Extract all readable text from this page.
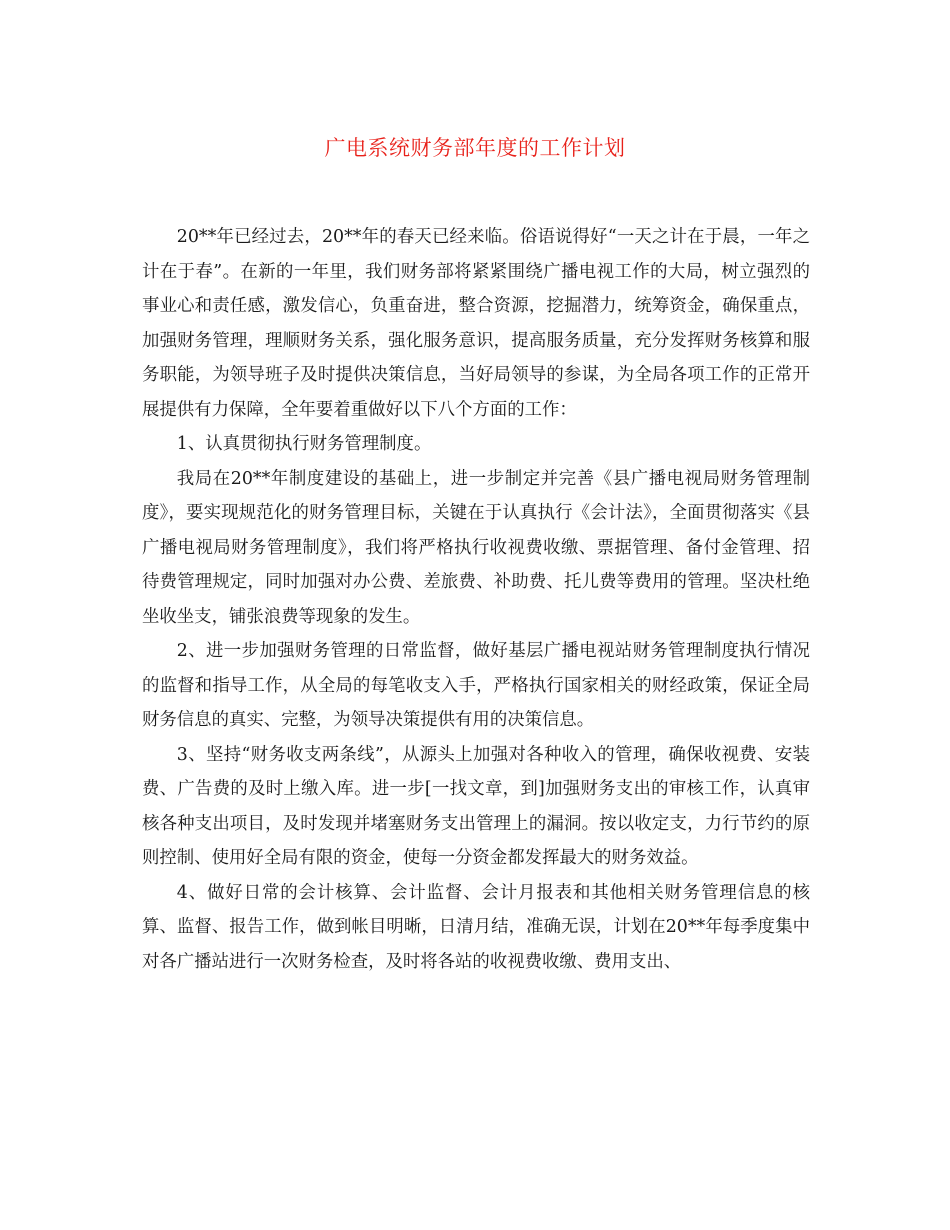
广电系统财务部年度的工作计划

20**年已经过去，20**年的春天已经来临。俗语说得好“一天之计在于晨，一年之计在于春”。在新的一年里，我们财务部将紧紧围绕广播电视工作的大局，树立强烈的事业心和责任感，激发信心，负重奋进，整合资源，挖掘潜力，统筹资金，确保重点，加强财务管理，理顺财务关系，强化服务意识，提高服务质量，充分发挥财务核算和服务职能，为领导班子及时提供决策信息，当好局领导的参谋，为全局各项工作的正常开展提供有力保障，全年要着重做好以下八个方面的工作：

1、认真贯彻执行财务管理制度。

我局在20**年制度建设的基础上，进一步制定并完善《县广播电视局财务管理制度》，要实现规范化的财务管理目标，关键在于认真执行《会计法》，全面贯彻落实《县广播电视局财务管理制度》，我们将严格执行收视费收缴、票据管理、备付金管理、招待费管理规定，同时加强对办公费、差旅费、补助费、托儿费等费用的管理。坚决杜绝坐收坐支，铺张浪费等现象的发生。

2、进一步加强财务管理的日常监督，做好基层广播电视站财务管理制度执行情况的监督和指导工作，从全局的每笔收支入手，严格执行国家相关的财经政策，保证全局财务信息的真实、完整，为领导决策提供有用的决策信息。

3、坚持“财务收支两条线”，从源头上加强对各种收入的管理，确保收视费、安装费、广告费的及时上缴入库。进一步[一找文章，到]加强财务支出的审核工作，认真审核各种支出项目，及时发现并堵塞财务支出管理上的漏洞。按以收定支，力行节约的原则控制、使用好全局有限的资金，使每一分资金都发挥最大的财务效益。

4、做好日常的会计核算、会计监督、会计月报表和其他相关财务管理信息的核算、监督、报告工作，做到帐目明晰，日清月结，准确无误，计划在20**年每季度集中对各广播站进行一次财务检查，及时将各站的收视费收缴、费用支出、
